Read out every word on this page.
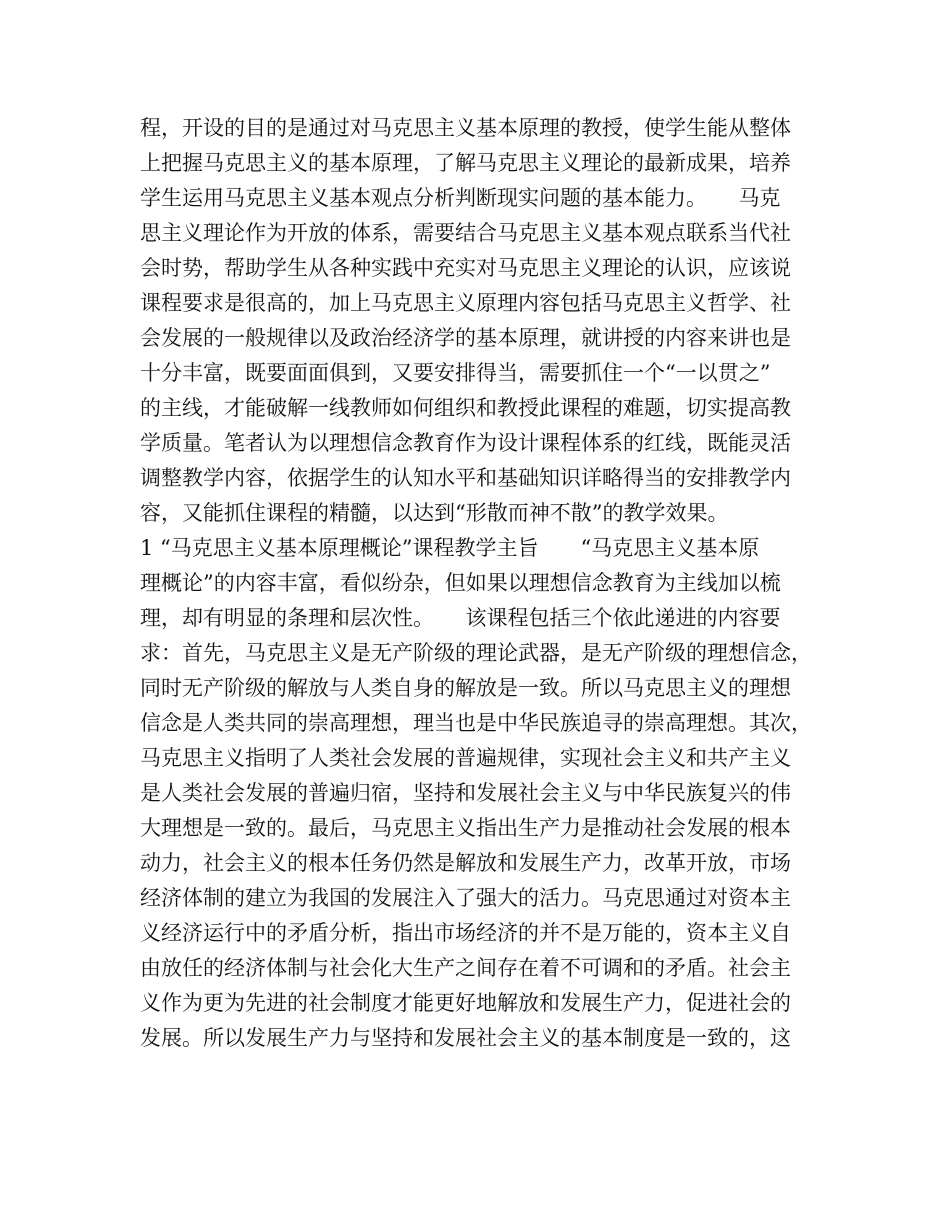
程，开设的目的是通过对马克思主义基本原理的教授，使学生能从整体
上把握马克思主义的基本原理，了解马克思主义理论的最新成果，培养
学生运用马克思主义基本观点分析判断现实问题的基本能力。　　马克
思主义理论作为开放的体系，需要结合马克思主义基本观点联系当代社
会时势，帮助学生从各种实践中充实对马克思主义理论的认识，应该说
课程要求是很高的，加上马克思主义原理内容包括马克思主义哲学、社
会发展的一般规律以及政治经济学的基本原理，就讲授的内容来讲也是
十分丰富，既要面面俱到，又要安排得当，需要抓住一个“一以贯之”
的主线，才能破解一线教师如何组织和教授此课程的难题，切实提高教
学质量。笔者认为以理想信念教育作为设计课程体系的红线，既能灵活
调整教学内容，依据学生的认知水平和基础知识详略得当的安排教学内
容，又能抓住课程的精髓，以达到“形散而神不散”的教学效果。
1 “马克思主义基本原理概论”课程教学主旨　　“马克思主义基本原
理概论”的内容丰富，看似纷杂，但如果以理想信念教育为主线加以梳
理，却有明显的条理和层次性。　　该课程包括三个依此递进的内容要
求：首先，马克思主义是无产阶级的理论武器，是无产阶级的理想信念，
同时无产阶级的解放与人类自身的解放是一致。所以马克思主义的理想
信念是人类共同的崇高理想，理当也是中华民族追寻的崇高理想。其次，
马克思主义指明了人类社会发展的普遍规律，实现社会主义和共产主义
是人类社会发展的普遍归宿，坚持和发展社会主义与中华民族复兴的伟
大理想是一致的。最后，马克思主义指出生产力是推动社会发展的根本
动力，社会主义的根本任务仍然是解放和发展生产力，改革开放，市场
经济体制的建立为我国的发展注入了强大的活力。马克思通过对资本主
义经济运行中的矛盾分析，指出市场经济的并不是万能的，资本主义自
由放任的经济体制与社会化大生产之间存在着不可调和的矛盾。社会主
义作为更为先进的社会制度才能更好地解放和发展生产力，促进社会的
发展。所以发展生产力与坚持和发展社会主义的基本制度是一致的，这
